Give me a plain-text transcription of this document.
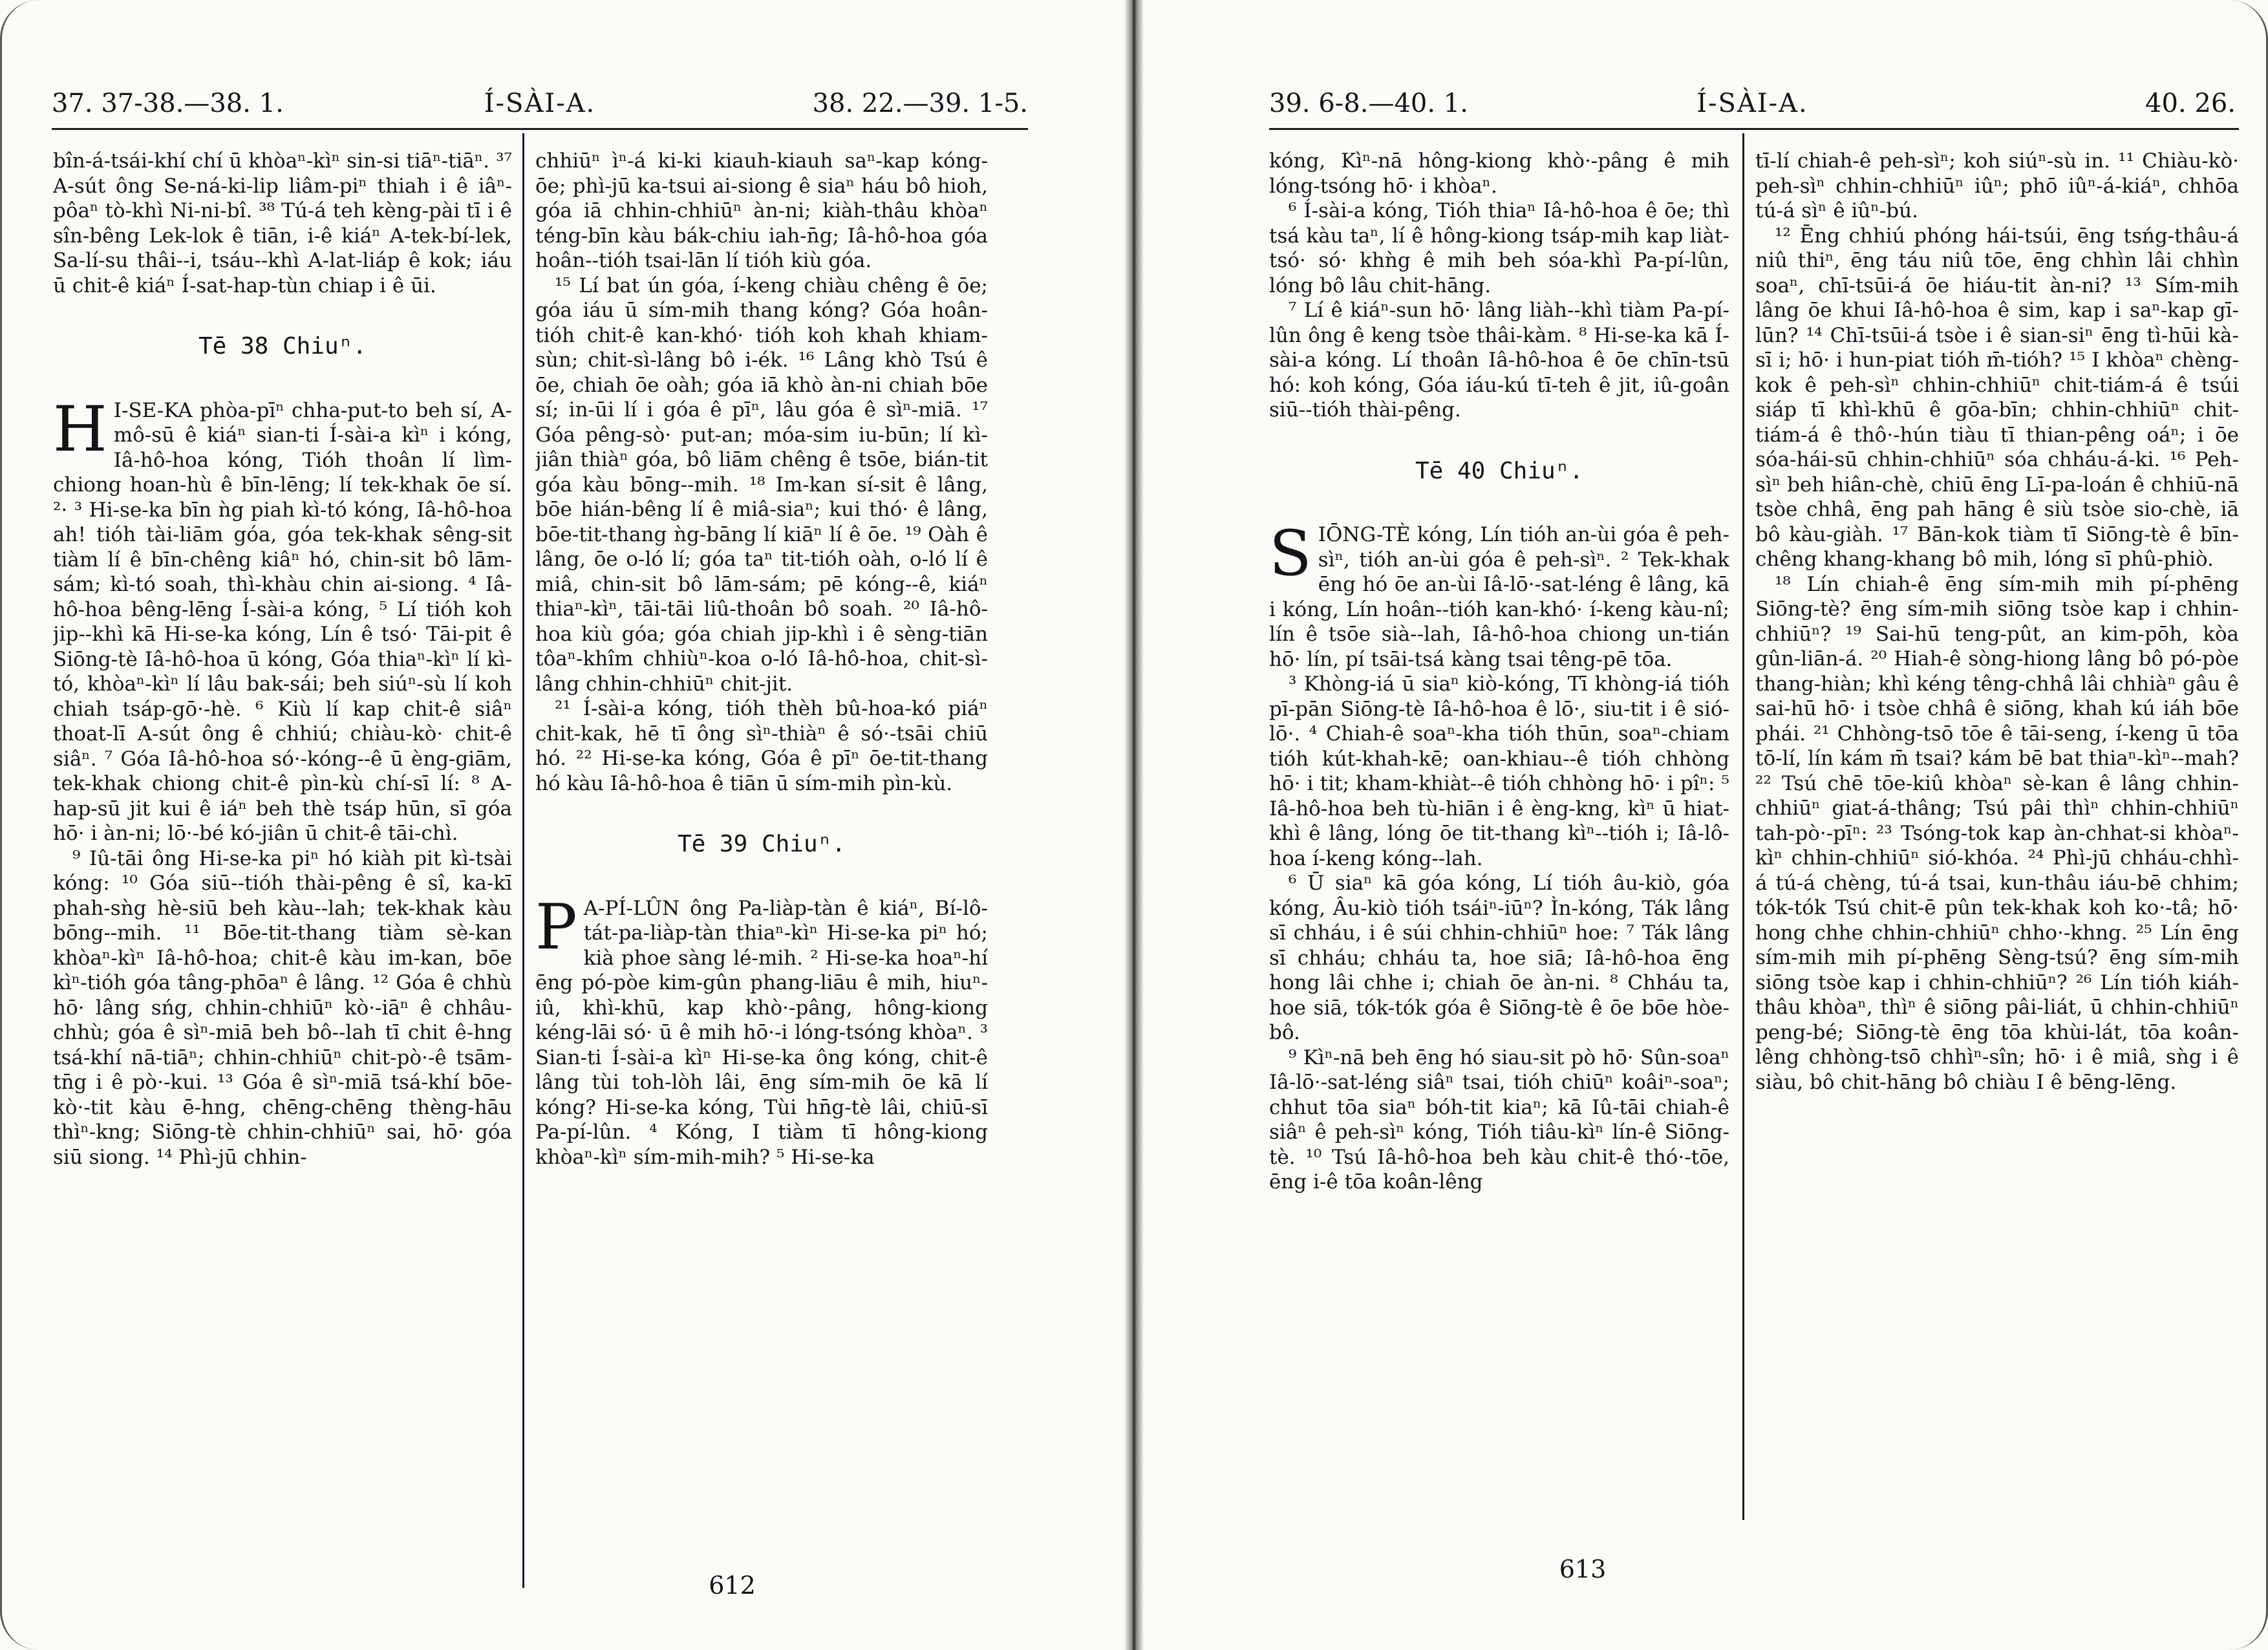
37. 37-38.—38. 1.	Í-SÀI-A.	38. 22.—39. 1-5.

bîn-á-tsái-khí chí ū khòaⁿ-kìⁿ sin-si tiāⁿ-tiāⁿ. ³⁷ A-sút ông Se-ná-ki-lip liâm-piⁿ thiah i ê iâⁿ-pôaⁿ tò-khì Ni-ni-bî. ³⁸ Tú-á teh kèng-pài tī i ê sîn-bêng Lek-lok ê tiān, i-ê kiáⁿ A-tek-bí-lek, Sa-lí-su thâi--i, tsáu--khì A-lat-liáp ê kok; iáu ū chit-ê kiáⁿ Í-sat-hap-tùn chiap i ê ūi.

Tē 38 Chiuⁿ.

H I-SE-KA phòa-pīⁿ chha-put-to beh sí, A-mô-sū ê kiáⁿ sian-ti Í-sài-a kìⁿ i kóng, Iâ-hô-hoa kóng, Tióh thoân lí lìm-chiong hoan-hù ê bīn-lēng; lí tek-khak ōe sí. ²· ³ Hi-se-ka bīn ǹg piah kì-tó kóng, Iâ-hô-hoa ah! tióh tài-liām góa, góa tek-khak sêng-sit tiàm lí ê bīn-chêng kiâⁿ hó, chin-sit bô lām-sám; kì-tó soah, thì-khàu chin ai-siong. ⁴ Iâ-hô-hoa bêng-lēng Í-sài-a kóng, ⁵ Lí tióh koh jip--khì kā Hi-se-ka kóng, Lín ê tsó· Tāi-pit ê Siōng-tè Iâ-hô-hoa ū kóng, Góa thiaⁿ-kìⁿ lí kì-tó, khòaⁿ-kìⁿ lí lâu bak-sái; beh siúⁿ-sù lí koh chiah tsáp-gō·-hè. ⁶ Kiù lí kap chit-ê siâⁿ thoat-lī A-sút ông ê chhiú; chiàu-kò· chit-ê siâⁿ. ⁷ Góa Iâ-hô-hoa só·-kóng--ê ū èng-giām, tek-khak chiong chit-ê pìn-kù chí-sī lí: ⁸ A-hap-sū jit kui ê iáⁿ beh thè tsáp hūn, sī góa hō· i àn-ni; lō·-bé kó-jiân ū chit-ê tāi-chì.

⁹ Iû-tāi ông Hi-se-ka piⁿ hó kiàh pit kì-tsài kóng: ¹⁰ Góa siū--tióh thài-pêng ê sî, ka-kī phah-sǹg hè-siū beh kàu--lah; tek-khak kàu bōng--mih. ¹¹ Bōe-tit-thang tiàm sè-kan khòaⁿ-kìⁿ Iâ-hô-hoa; chit-ê kàu im-kan, bōe kìⁿ-tióh góa tâng-phōaⁿ ê lâng. ¹² Góa ê chhù hō· lâng sńg, chhin-chhiūⁿ kò·-iāⁿ ê chhâu-chhù; góa ê sìⁿ-miā beh bô--lah tī chit ê-hng tsá-khí nā-tiāⁿ; chhin-chhiūⁿ chit-pò·-ê tsām-tn̄g i ê pò·-kui. ¹³ Góa ê sìⁿ-miā tsá-khí bōe-kò·-tit kàu ē-hng, chēng-chēng thèng-hāu thìⁿ-kng; Siōng-tè chhin-chhiūⁿ sai, hō· góa siū siong. ¹⁴ Phì-jū chhin-

chhiūⁿ ìⁿ-á ki-ki kiauh-kiauh saⁿ-kap kóng-ōe; phì-jū ka-tsui ai-siong ê siaⁿ háu bô hioh, góa iā chhin-chhiūⁿ àn-ni; kiàh-thâu khòaⁿ téng-bīn kàu bák-chiu iah-n̄g; Iâ-hô-hoa góa hoân--tióh tsai-lān lí tióh kiù góa.

¹⁵ Lí bat ún góa, í-keng chiàu chêng ê ōe; góa iáu ū sím-mih thang kóng? Góa hoân-tióh chit-ê kan-khó· tióh koh khah khiam-sùn; chit-sì-lâng bô i-ék. ¹⁶ Lâng khò Tsú ê ōe, chiah ōe oàh; góa iā khò àn-ni chiah bōe sí; in-ūi lí i góa ê pīⁿ, lâu góa ê sìⁿ-miā. ¹⁷ Góa pêng-sò· put-an; móa-sim iu-būn; lí kì-jiân thiàⁿ góa, bô liām chêng ê tsōe, bián-tit góa kàu bōng--mih. ¹⁸ Im-kan sí-sit ê lâng, bōe hián-bêng lí ê miâ-siaⁿ; kui thó· ê lâng, bōe-tit-thang ǹg-bāng lí kiāⁿ lí ê ōe. ¹⁹ Oàh ê lâng, ōe o-ló lí; góa taⁿ tit-tióh oàh, o-ló lí ê miâ, chin-sit bô lām-sám; pē kóng--ê, kiáⁿ thiaⁿ-kìⁿ, tāi-tāi liû-thoân bô soah. ²⁰ Iâ-hô-hoa kiù góa; góa chiah jip-khì i ê sèng-tiān tôaⁿ-khîm chhiùⁿ-koa o-ló Iâ-hô-hoa, chit-sì-lâng chhin-chhiūⁿ chit-jit.

²¹ Í-sài-a kóng, tióh thèh bû-hoa-kó piáⁿ chit-kak, hē tī ông sìⁿ-thiàⁿ ê só·-tsāi chiū hó. ²² Hi-se-ka kóng, Góa ê pīⁿ ōe-tit-thang hó kàu Iâ-hô-hoa ê tiān ū sím-mih pìn-kù.

Tē 39 Chiuⁿ.

P A-PÍ-LÛN ông Pa-liàp-tàn ê kiáⁿ, Bí-lô-tát-pa-liàp-tàn thiaⁿ-kìⁿ Hi-se-ka piⁿ hó; kià phoe sàng lé-mih. ² Hi-se-ka hoaⁿ-hí ēng pó-pòe kim-gûn phang-liāu ê mih, hiuⁿ-iû, khì-khū, kap khò·-pâng, hông-kiong kéng-lāi só· ū ê mih hō·-i lóng-tsóng khòaⁿ. ³ Sian-ti Í-sài-a kìⁿ Hi-se-ka ông kóng, chit-ê lâng tùi toh-lòh lâi, ēng sím-mih ōe kā lí kóng? Hi-se-ka kóng, Tùi hn̄g-tè lâi, chiū-sī Pa-pí-lûn. ⁴ Kóng, I tiàm tī hông-kiong khòaⁿ-kìⁿ sím-mih-mih? ⁵ Hi-se-ka

612
39. 6-8.—40. 1.	Í-SÀI-A.	40. 26.

kóng, Kìⁿ-nā hông-kiong khò·-pâng ê mih lóng-tsóng hō· i khòaⁿ.

⁶ Í-sài-a kóng, Tióh thiaⁿ Iâ-hô-hoa ê ōe; thì tsá kàu taⁿ, lí ê hông-kiong tsáp-mih kap liàt-tsó· só· khǹg ê mih beh sóa-khì Pa-pí-lûn, lóng bô lâu chit-hāng.

⁷ Lí ê kiáⁿ-sun hō· lâng liàh--khì tiàm Pa-pí-lûn ông ê keng tsòe thâi-kàm. ⁸ Hi-se-ka kā Í-sài-a kóng. Lí thoân Iâ-hô-hoa ê ōe chīn-tsū hó: koh kóng, Góa iáu-kú tī-teh ê jit, iû-goân siū--tióh thài-pêng.

Tē 40 Chiuⁿ.

SIŌNG-TÈ kóng, Lín tióh an-ùi góa ê peh-sìⁿ, tióh an-ùi góa ê peh-sìⁿ. ² Tek-khak ēng hó ōe an-ùi Iâ-lō·-sat-léng ê lâng, kā i kóng, Lín hoân--tióh kan-khó· í-keng kàu-nî; lín ê tsōe sià--lah, Iâ-hô-hoa chiong un-tián hō· lín, pí tsāi-tsá kàng tsai têng-pē tōa.

³ Khòng-iá ū siaⁿ kiò-kóng, Tī khòng-iá tióh pī-pān Siōng-tè Iâ-hô-hoa ê lō·, siu-tit i ê sió-lō·. ⁴ Chiah-ê soaⁿ-kha tióh thūn, soaⁿ-chiam tióh kút-khah-kē; oan-khiau--ê tióh chhòng hō· i tit; kham-khiàt--ê tióh chhòng hō· i pîⁿ: ⁵ Iâ-hô-hoa beh tù-hiān i ê èng-kng, kìⁿ ū hiat-khì ê lâng, lóng ōe tit-thang kìⁿ--tióh i; Iâ-lô-hoa í-keng kóng--lah.

⁶ Ū siaⁿ kā góa kóng, Lí tióh âu-kiò, góa kóng, Âu-kiò tióh tsáiⁿ-iūⁿ? Ìn-kóng, Ták lâng sī chháu, i ê súi chhin-chhiūⁿ hoe: ⁷ Ták lâng sī chháu; chháu ta, hoe siā; Iâ-hô-hoa ēng hong lâi chhe i; chiah ōe àn-ni. ⁸ Chháu ta, hoe siā, tók-tók góa ê Siōng-tè ê ōe bōe hòe-bô.

⁹ Kìⁿ-nā beh ēng hó siau-sit pò hō· Sûn-soaⁿ Iâ-lō·-sat-léng siâⁿ tsai, tióh chiūⁿ koâiⁿ-soaⁿ; chhut tōa siaⁿ bóh-tit kiaⁿ; kā Iû-tāi chiah-ê siâⁿ ê peh-sìⁿ kóng, Tióh tiâu-kìⁿ lín-ê Siōng-tè. ¹⁰ Tsú Iâ-hô-hoa beh kàu chit-ê thó·-tōe, ēng i-ê tōa koân-lêng

tī-lí chiah-ê peh-sìⁿ; koh siúⁿ-sù in. ¹¹ Chiàu-kò· peh-sìⁿ chhin-chhiūⁿ iûⁿ; phō iûⁿ-á-kiáⁿ, chhōa tú-á sìⁿ ê iûⁿ-bú.

¹² Ēng chhiú phóng hái-tsúi, ēng tsńg-thâu-á niû thiⁿ, ēng táu niû tōe, ēng chhìn lâi chhìn soaⁿ, chī-tsūi-á ōe hiáu-tit àn-ni? ¹³ Sím-mih lâng ōe khui Iâ-hô-hoa ê sim, kap i saⁿ-kap gī-lūn? ¹⁴ Chī-tsūi-á tsòe i ê sian-siⁿ ēng tì-hūi kà-sī i; hō· i hun-piat tióh m̄-tióh? ¹⁵ I khòaⁿ chèng-kok ê peh-sìⁿ chhin-chhiūⁿ chit-tiám-á ê tsúi siáp tī khì-khū ê gōa-bīn; chhin-chhiūⁿ chit-tiám-á ê thô·-hún tiàu tī thian-pêng oáⁿ; i ōe sóa-hái-sū chhin-chhiūⁿ sóa chháu-á-ki. ¹⁶ Peh-sìⁿ beh hiân-chè, chiū ēng Lī-pa-loán ê chhiū-nā tsòe chhâ, ēng pah hāng ê siù tsòe sio-chè, iā bô kàu-giàh. ¹⁷ Bān-kok tiàm tī Siōng-tè ê bīn-chêng khang-khang bô mih, lóng sī phû-phiò.

¹⁸ Lín chiah-ê ēng sím-mih mih pí-phēng Siōng-tè? ēng sím-mih siōng tsòe kap i chhin-chhiūⁿ? ¹⁹ Sai-hū teng-pût, an kim-pōh, kòa gûn-liān-á. ²⁰ Hiah-ê sòng-hiong lâng bô pó-pòe thang-hiàn; khì kéng têng-chhâ lâi chhiàⁿ gâu ê sai-hū hō· i tsòe chhâ ê siōng, khah kú iáh bōe phái. ²¹ Chhòng-tsō tōe ê tāi-seng, í-keng ū tōa tō-lí, lín kám m̄ tsai? kám bē bat thiaⁿ-kìⁿ--mah? ²² Tsú chē tōe-kiû khòaⁿ sè-kan ê lâng chhin-chhiūⁿ giat-á-thâng; Tsú pâi thìⁿ chhin-chhiūⁿ tah-pò·-pīⁿ: ²³ Tsóng-tok kap àn-chhat-si khòaⁿ-kìⁿ chhin-chhiūⁿ sió-khóa. ²⁴ Phì-jū chháu-chhì-á tú-á chèng, tú-á tsai, kun-thâu iáu-bē chhim; tók-tók Tsú chit-ē pûn tek-khak koh ko·-tâ; hō· hong chhe chhin-chhiūⁿ chho·-khng. ²⁵ Lín ēng sím-mih mih pí-phēng Sèng-tsú? ēng sím-mih siōng tsòe kap i chhin-chhiūⁿ? ²⁶ Lín tióh kiáh-thâu khòaⁿ, thìⁿ ê siōng pâi-liát, ū chhin-chhiūⁿ peng-bé; Siōng-tè ēng tōa khùi-lát, tōa koân-lêng chhòng-tsō chhìⁿ-sîn; hō· i ê miâ, sǹg i ê siàu, bô chit-hāng bô chiàu I ê bēng-lēng.

613
